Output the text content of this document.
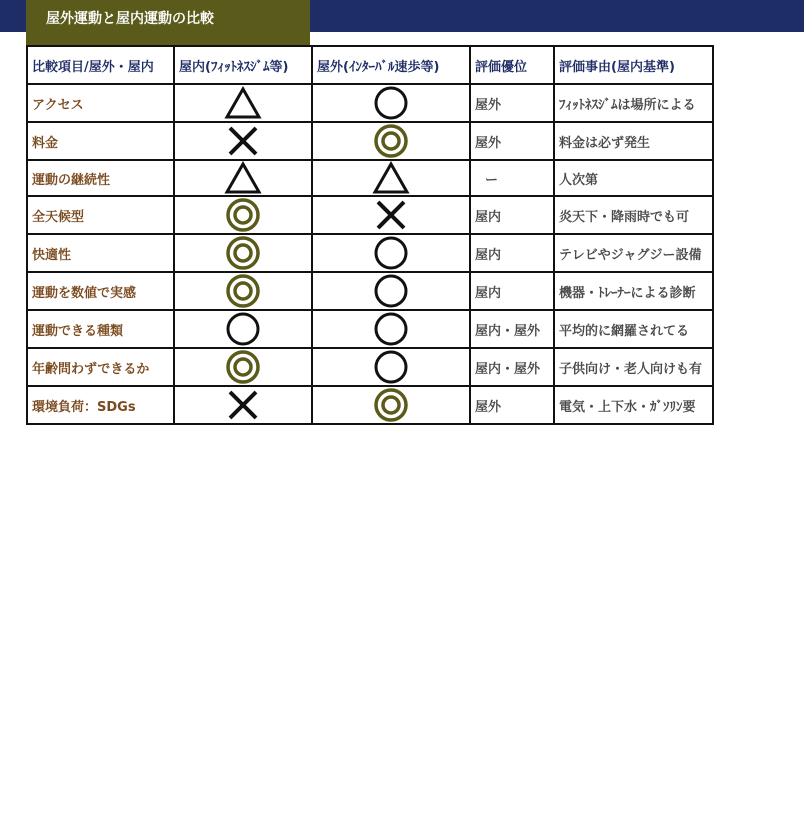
屋外運動と屋内運動の比較
比較項目/屋外・屋内	屋内(ﾌｨｯﾄﾈｽｼﾞﾑ等)	屋外(ｲﾝﾀｰﾊﾞﾙ速歩等)	評価優位	評価事由(屋内基準)
アクセス			屋外	ﾌｨｯﾄﾈｽｼﾞﾑは場所による
料金			屋外	料金は必ず発生
運動の継続性			ー	人次第
全天候型			屋内	炎天下・降雨時でも可
快適性			屋内	テレビやジャグジー設備
運動を数値で実感			屋内	機器・ﾄﾚｰﾅｰによる診断
運動できる種類			屋内・屋外	平均的に網羅されてる
年齢問わずできるか			屋内・屋外	子供向け・老人向けも有
環境負荷：SDGs			屋外	電気・上下水・ｶﾞｿﾘﾝ要
